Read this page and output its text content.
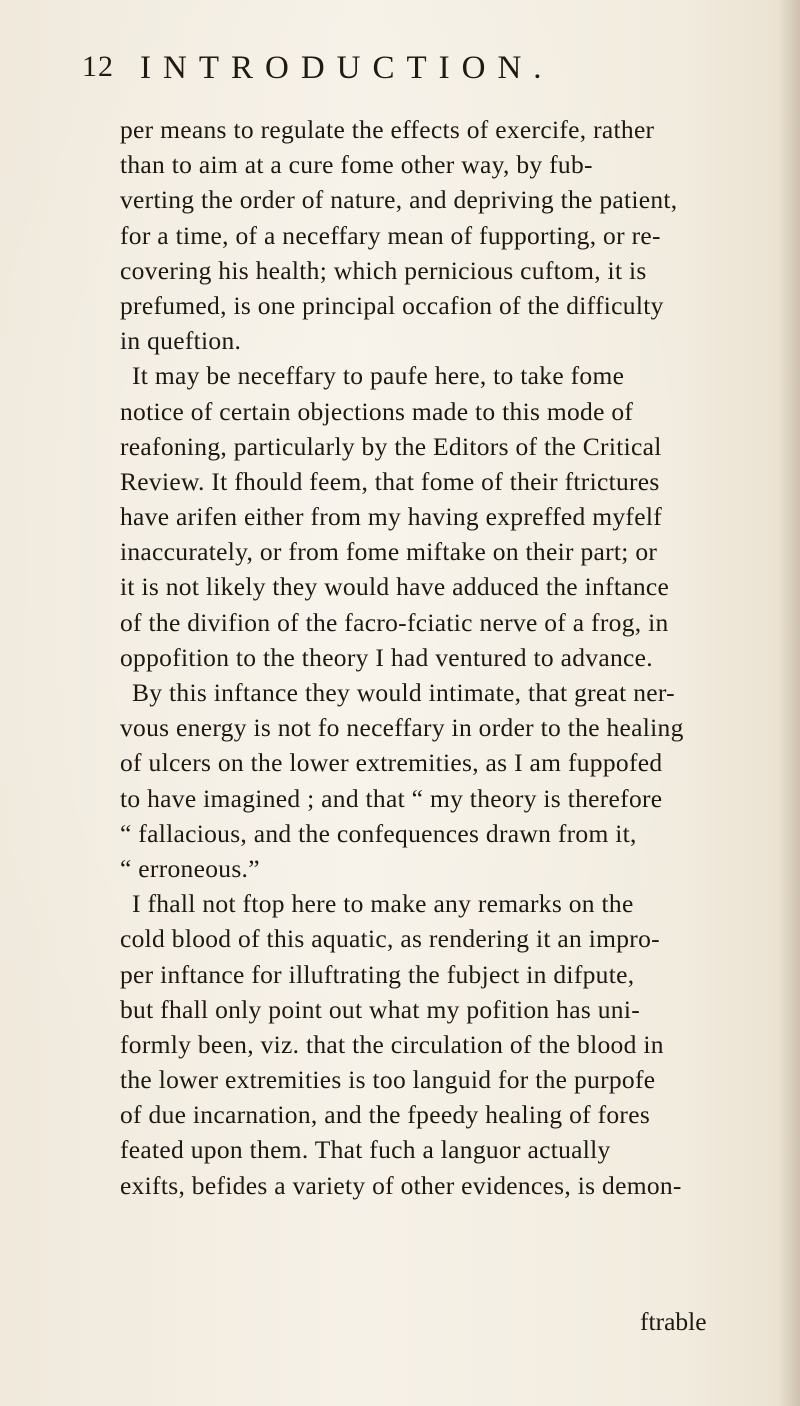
12 INTRODUCTION.
per means to regulate the effects of exercife, rather
than to aim at a cure fome other way, by fub-
verting the order of nature, and depriving the patient,
for a time, of a neceffary mean of fupporting, or re-
covering his health; which pernicious cuftom, it is
prefumed, is one principal occafion of the difficulty
in queftion.
It may be neceffary to paufe here, to take fome
notice of certain objections made to this mode of
reafoning, particularly by the Editors of the Critical
Review. It fhould feem, that fome of their ftrictures
have arifen either from my having expreffed myfelf
inaccurately, or from fome miftake on their part; or
it is not likely they would have adduced the inftance
of the divifion of the facro-fciatic nerve of a frog, in
oppofition to the theory I had ventured to advance.
By this inftance they would intimate, that great ner-
vous energy is not fo neceffary in order to the healing
of ulcers on the lower extremities, as I am fuppofed
to have imagined ; and that “ my theory is therefore
“ fallacious, and the confequences drawn from it,
“ erroneous.”
I fhall not ftop here to make any remarks on the
cold blood of this aquatic, as rendering it an impro-
per inftance for illuftrating the fubject in difpute,
but fhall only point out what my pofition has uni-
formly been, viz. that the circulation of the blood in
the lower extremities is too languid for the purpofe
of due incarnation, and the fpeedy healing of fores
feated upon them. That fuch a languor actually
exifts, befides a variety of other evidences, is demon-
ftrable
